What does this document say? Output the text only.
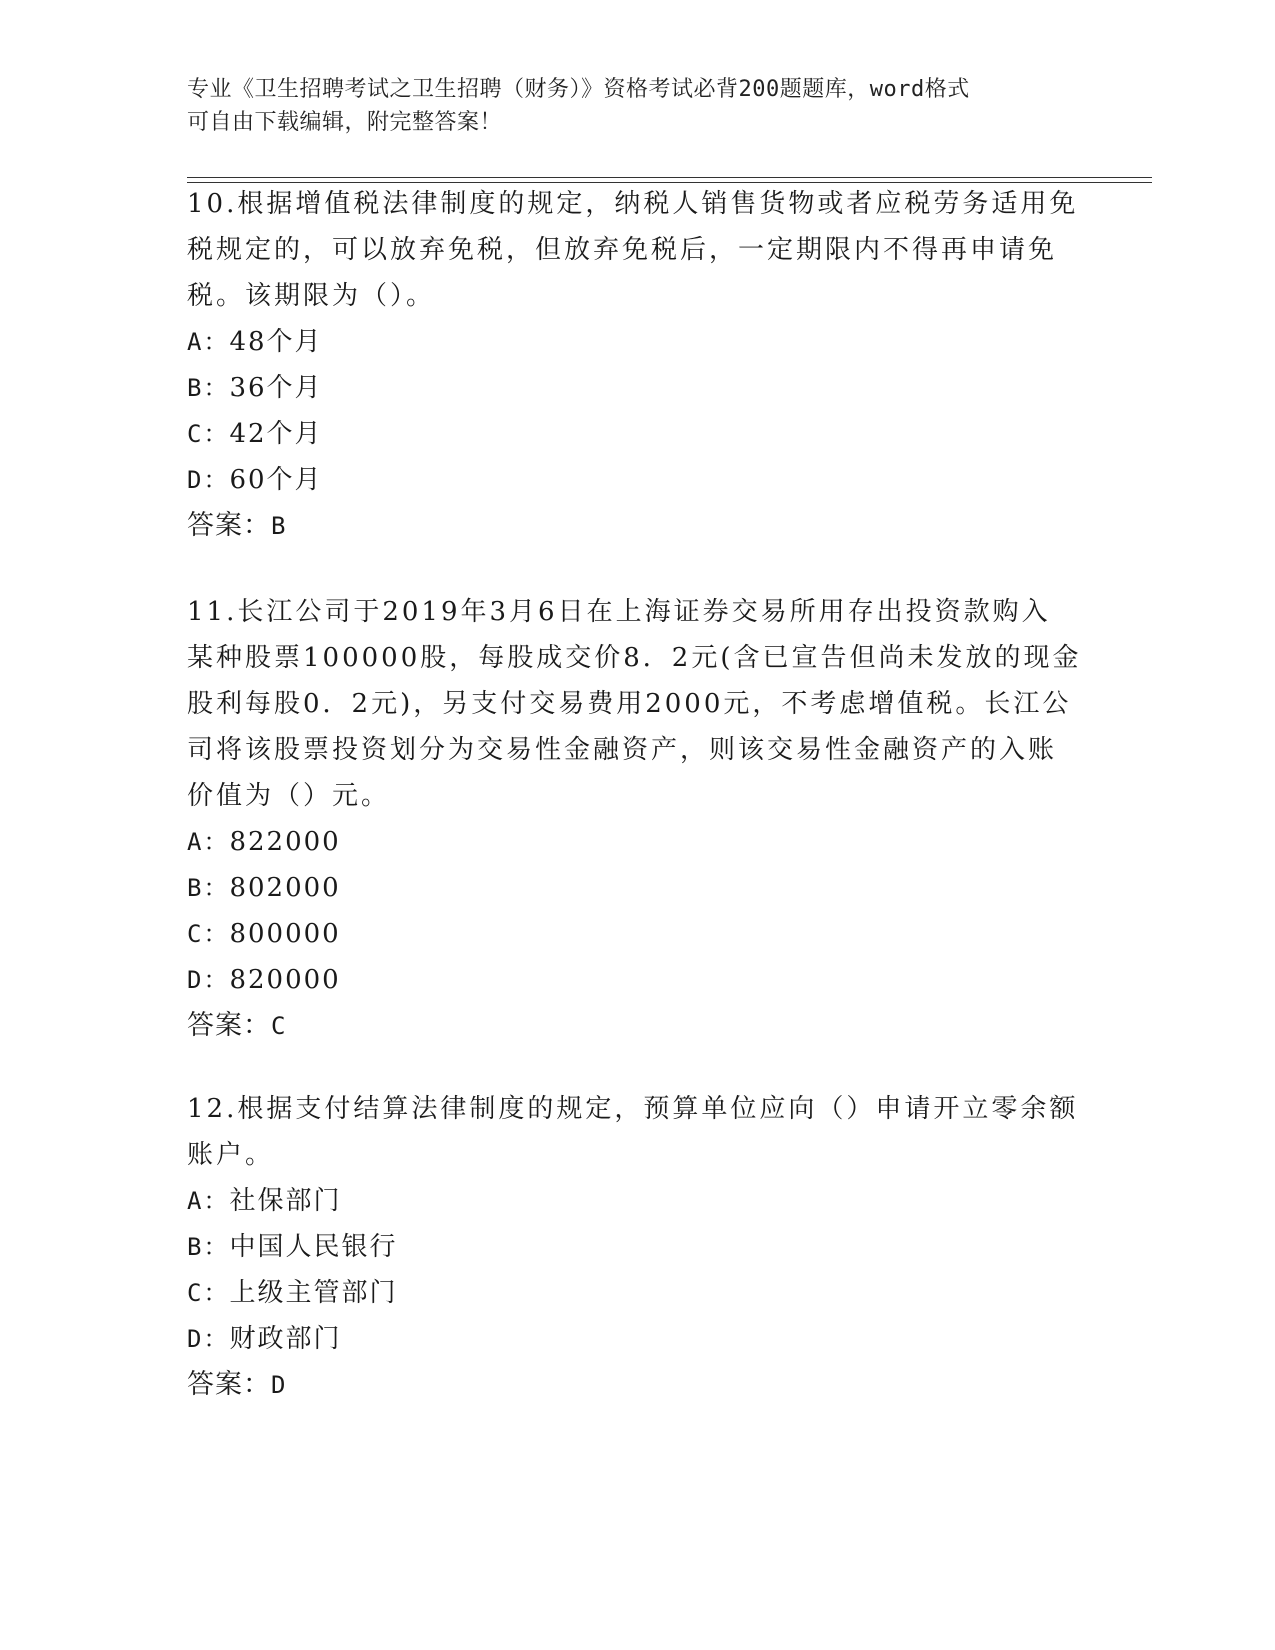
专业《卫生招聘考试之卫生招聘（财务）》资格考试必背200题题库，word格式
可自由下载编辑，附完整答案！

10.根据增值税法律制度的规定，纳税人销售货物或者应税劳务适用免

税规定的，可以放弃免税，但放弃免税后，一定期限内不得再申请免

税。该期限为（）。

A：48个月

B：36个月

C：42个月

D：60个月

答案：B

11.长江公司于2019年3月6日在上海证券交易所用存出投资款购入

某种股票100000股，每股成交价8．2元(含已宣告但尚未发放的现金

股利每股0．2元)，另支付交易费用2000元，不考虑增值税。长江公

司将该股票投资划分为交易性金融资产，则该交易性金融资产的入账

价值为（）元。

A：822000

B：802000

C：800000

D：820000

答案：C

12.根据支付结算法律制度的规定，预算单位应向（）申请开立零余额

账户。

A：社保部门

B：中国人民银行

C：上级主管部门

D：财政部门

答案：D
